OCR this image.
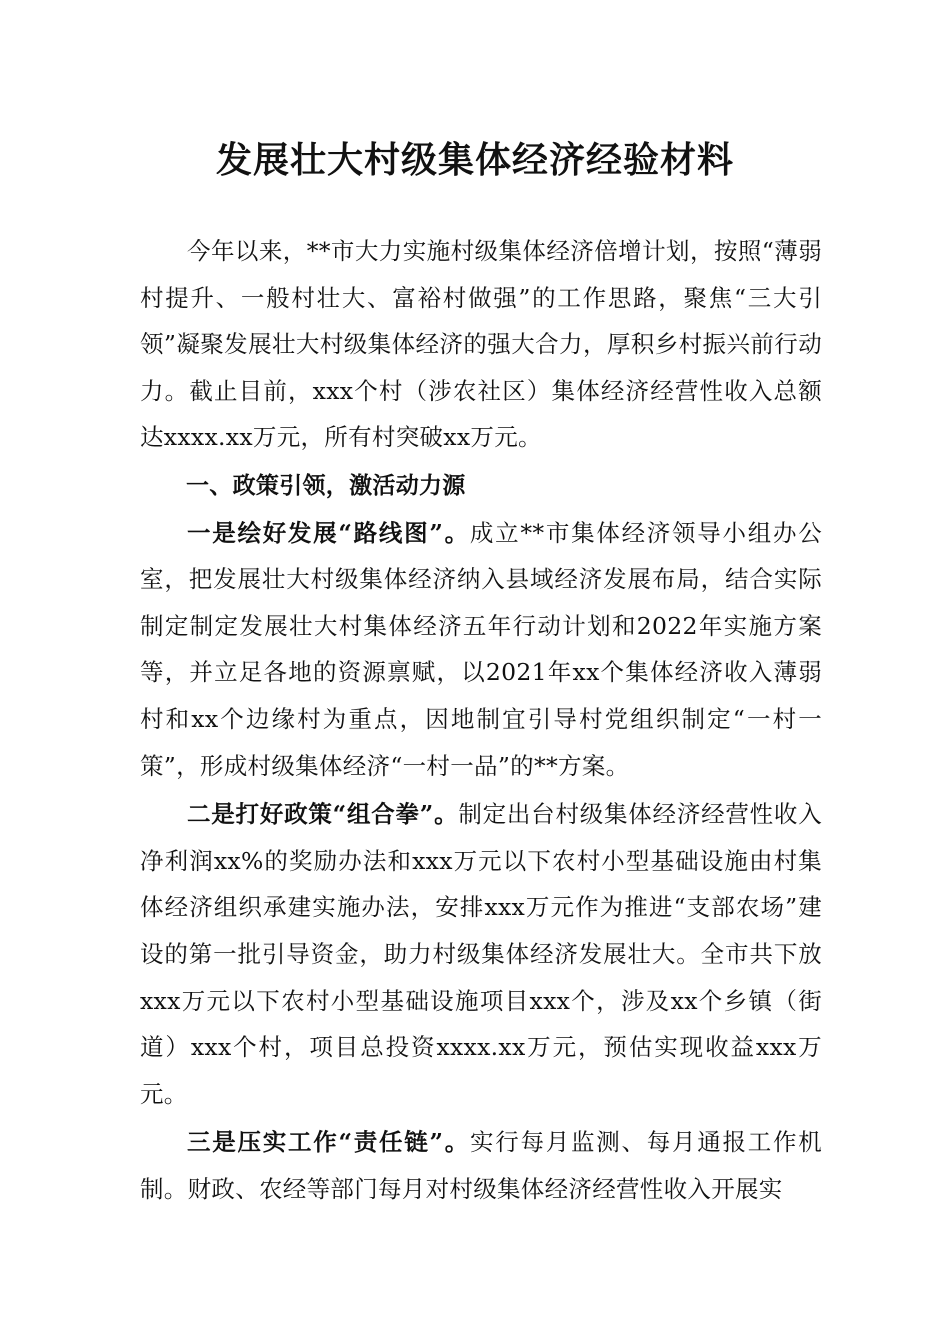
发展壮大村级集体经济经验材料

今年以来，**市大力实施村级集体经济倍增计划，按照“薄弱村提升、一般村壮大、富裕村做强”的工作思路，聚焦“三大引领”凝聚发展壮大村级集体经济的强大合力，厚积乡村振兴前行动力。截止目前，xxx个村（涉农社区）集体经济经营性收入总额达xxxx.xx万元，所有村突破xx万元。

一、政策引领，激活动力源

一是绘好发展“路线图”。成立**市集体经济领导小组办公室，把发展壮大村级集体经济纳入县域经济发展布局，结合实际制定制定发展壮大村集体经济五年行动计划和2022年实施方案等，并立足各地的资源禀赋，以2021年xx个集体经济收入薄弱村和xx个边缘村为重点，因地制宜引导村党组织制定“一村一策”，形成村级集体经济“一村一品”的**方案。

二是打好政策“组合拳”。制定出台村级集体经济经营性收入净利润xx%的奖励办法和xxx万元以下农村小型基础设施由村集体经济组织承建实施办法，安排xxx万元作为推进“支部农场”建设的第一批引导资金，助力村级集体经济发展壮大。全市共下放xxx万元以下农村小型基础设施项目xxx个，涉及xx个乡镇（街道）xxx个村，项目总投资xxxx.xx万元，预估实现收益xxx万元。

三是压实工作“责任链”。实行每月监测、每月通报工作机制。财政、农经等部门每月对村级集体经济经营性收入开展实
